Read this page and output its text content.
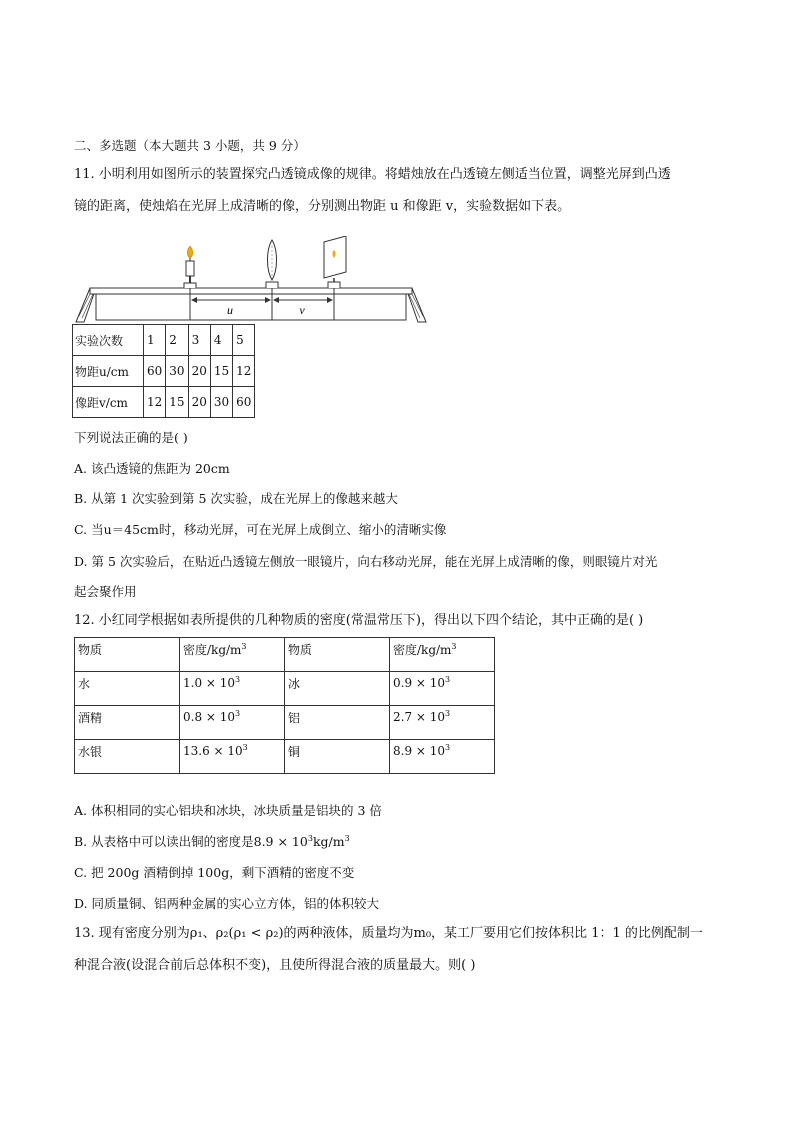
二、多选题（本大题共 3 小题，共 9 分）
11. 小明利用如图所示的装置探究凸透镜成像的规律。将蜡烛放在凸透镜左侧适当位置，调整光屏到凸透
镜的距离，使烛焰在光屏上成清晰的像，分别测出物距 u 和像距 v，实验数据如下表。
u	v
实验次数	1	2	3	4	5
物距u/cm	60	30	20	15	12
像距v/cm	12	15	20	30	60
下列说法正确的是( )
A. 该凸透镜的焦距为 20cm
B. 从第 1 次实验到第 5 次实验，成在光屏上的像越来越大
C. 当u＝45cm时，移动光屏，可在光屏上成倒立、缩小的清晰实像
D. 第 5 次实验后，在贴近凸透镜左侧放一眼镜片，向右移动光屏，能在光屏上成清晰的像，则眼镜片对光
起会聚作用
12. 小红同学根据如表所提供的几种物质的密度(常温常压下)，得出以下四个结论，其中正确的是( )
物质	密度$/kg/m^3$	物质	密度$/kg/m^3$
水	$1.0 \times 10^3$	冰	$0.9 \times 10^3$
酒精	$0.8 \times 10^3$	铝	$2.7 \times 10^3$
水银	$13.6 \times 10^3$	铜	$8.9 \times 10^3$
A. 体积相同的实心铝块和冰块，冰块质量是铝块的 3 倍
B. 从表格中可以读出铜的密度是$8.9 \times 10^3kg/m^3$
C. 把 200g 酒精倒掉 100g，剩下酒精的密度不变
D. 同质量铜、铝两种金属的实心立方体，铝的体积较大
13. 现有密度分别为ρ₁、ρ₂(ρ₁ < ρ₂)的两种液体，质量均为m₀，某工厂要用它们按体积比 1：1 的比例配制一
种混合液(设混合前后总体积不变)，且使所得混合液的质量最大。则( )
